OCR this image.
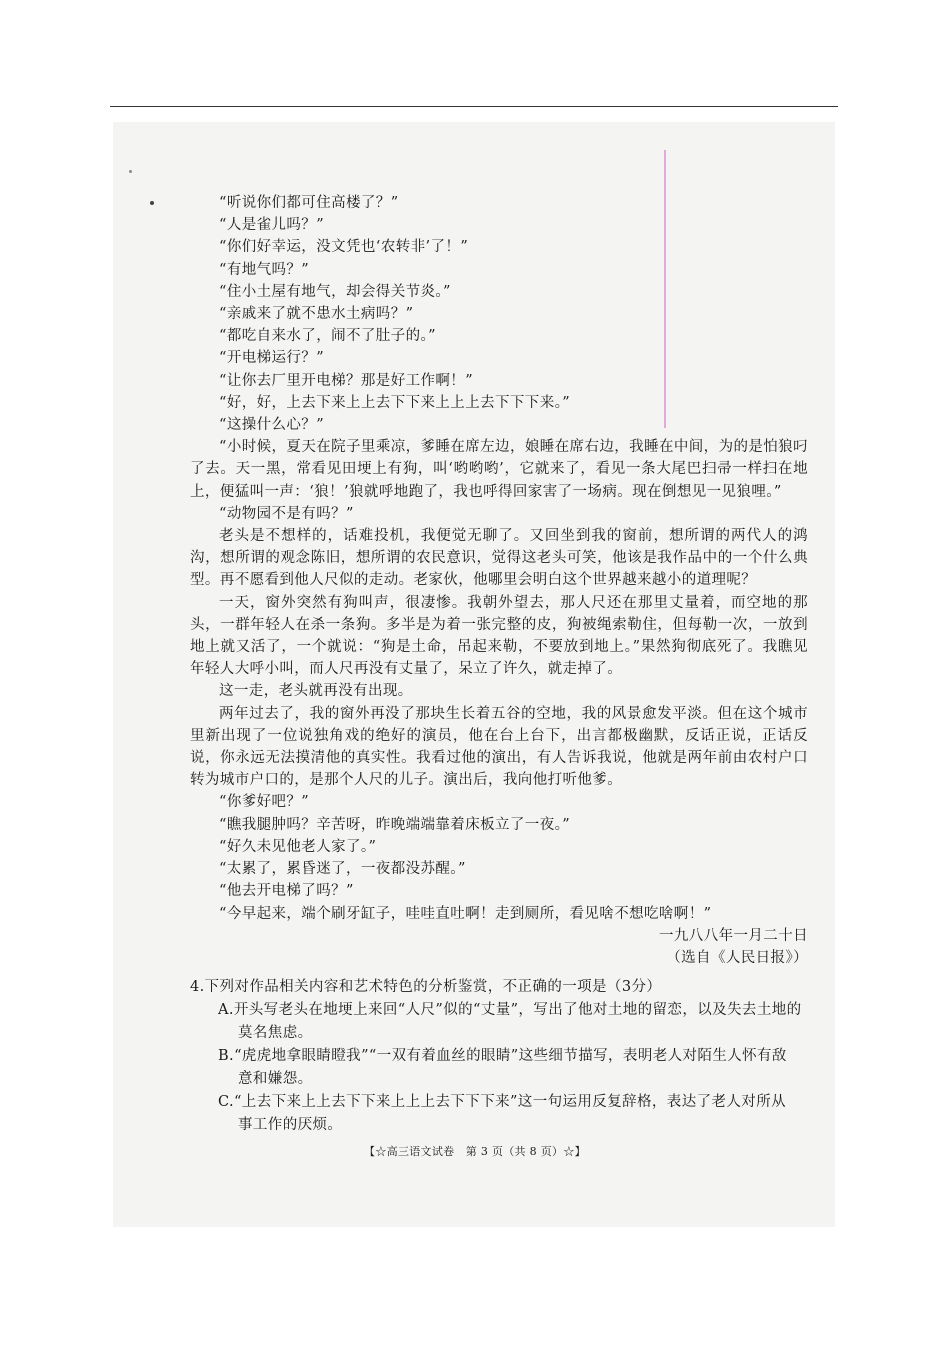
“听说你们都可住高楼了？”

“人是雀儿吗？”

“你们好幸运，没文凭也‘农转非’了！”

“有地气吗？”

“住小土屋有地气，却会得关节炎。”

“亲戚来了就不患水土病吗？”

“都吃自来水了，闹不了肚子的。”

“开电梯运行？”

“让你去厂里开电梯？那是好工作啊！”

“好，好，上去下来上上去下下来上上上去下下下来。”

“这操什么心？”

“小时候，夏天在院子里乘凉，爹睡在席左边，娘睡在席右边，我睡在中间，为的是怕狼叼了去。天一黑，常看见田埂上有狗，叫‘哟哟哟’，它就来了，看见一条大尾巴扫帚一样扫在地上，便猛叫一声：‘狼！’狼就呼地跑了，我也呼得回家害了一场病。现在倒想见一见狼哩。”

“动物园不是有吗？”

老头是不想样的，话难投机，我便觉无聊了。又回坐到我的窗前，想所谓的两代人的鸿沟，想所谓的观念陈旧，想所谓的农民意识，觉得这老头可笑，他该是我作品中的一个什么典型。再不愿看到他人尺似的走动。老家伙，他哪里会明白这个世界越来越小的道理呢？

一天，窗外突然有狗叫声，很凄惨。我朝外望去，那人尺还在那里丈量着，而空地的那头，一群年轻人在杀一条狗。多半是为着一张完整的皮，狗被绳索勒住，但每勒一次，一放到地上就又活了，一个就说：“狗是土命，吊起来勒，不要放到地上。”果然狗彻底死了。我瞧见年轻人大呼小叫，而人尺再没有丈量了，呆立了许久，就走掉了。

这一走，老头就再没有出现。

两年过去了，我的窗外再没了那块生长着五谷的空地，我的风景愈发平淡。但在这个城市里新出现了一位说独角戏的绝好的演员，他在台上台下，出言都极幽默，反话正说，正话反说，你永远无法摸清他的真实性。我看过他的演出，有人告诉我说，他就是两年前由农村户口转为城市户口的，是那个人尺的儿子。演出后，我向他打听他爹。

“你爹好吧？”

“瞧我腿肿吗？辛苦呀，昨晚端端靠着床板立了一夜。”

“好久未见他老人家了。”

“太累了，累昏迷了，一夜都没苏醒。”

“他去开电梯了吗？”

“今早起来，端个刷牙缸子，哇哇直吐啊！走到厕所，看见啥不想吃啥啊！”

一九八八年一月二十日

（选自《人民日报》）

4.下列对作品相关内容和艺术特色的分析鉴赏，不正确的一项是（3分）

A.开头写老头在地埂上来回“人尺”似的“丈量”，写出了他对土地的留恋，以及失去土地的

莫名焦虑。

B.“虎虎地拿眼睛瞪我”“一双有着血丝的眼睛”这些细节描写，表明老人对陌生人怀有敌

意和嫌怨。

C.“上去下来上上去下下来上上上去下下下来”这一句运用反复辞格，表达了老人对所从

事工作的厌烦。

【☆高三语文试卷　第 3 页（共 8 页）☆】
